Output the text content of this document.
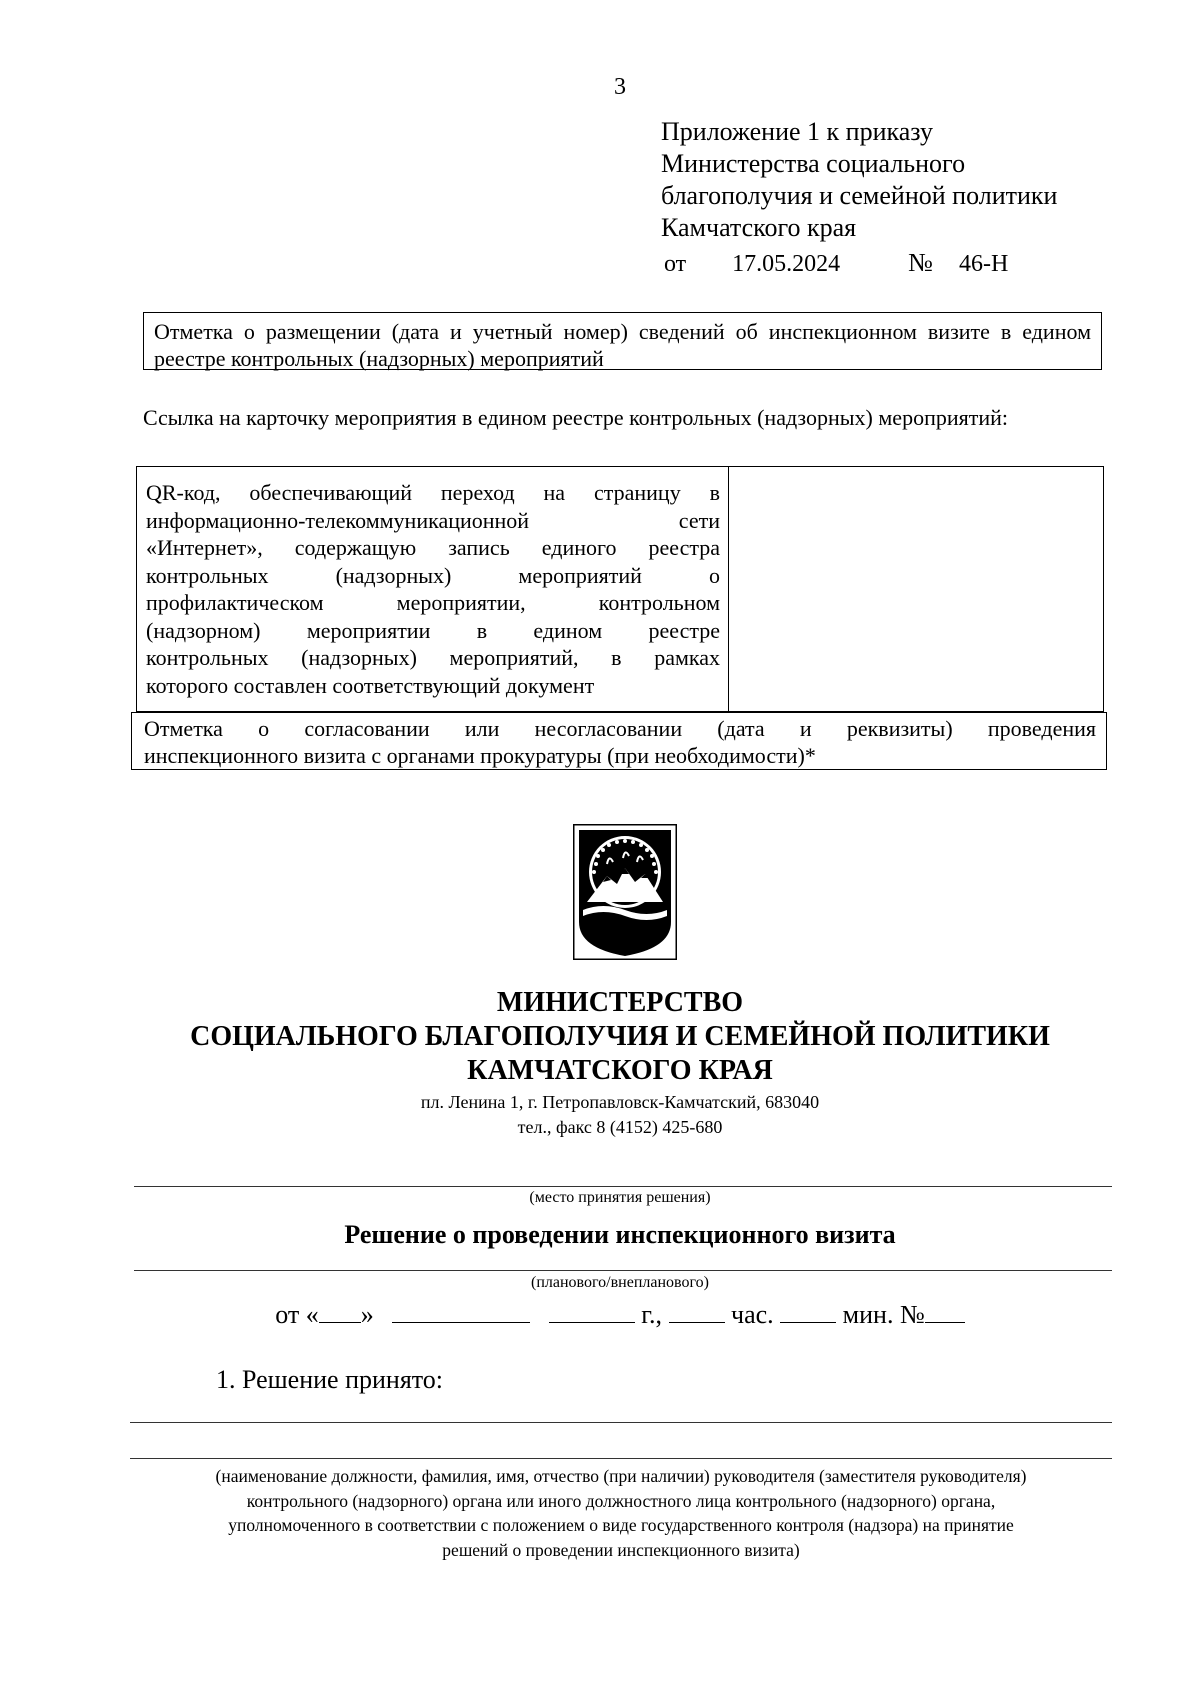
3
Приложение 1 к приказу
Министерства социального
благополучия и семейной политики
Камчатского края
от 17.05.2024	№ 46-Н
Отметка о размещении (дата и учетный номер) сведений об инспекционном визите в едином реестре контрольных (надзорных) мероприятий
Ссылка на карточку мероприятия в едином реестре контрольных (надзорных) мероприятий:
QR-код, обеспечивающий переход на страницу в
информационно-телекоммуникационной сети
«Интернет», содержащую запись единого реестра
контрольных (надзорных) мероприятий о
профилактическом мероприятии, контрольном
(надзорном) мероприятии в едином реестре
контрольных (надзорных) мероприятий, в рамках
которого составлен соответствующий документ
Отметка о согласовании или несогласовании (дата и реквизиты) проведения
инспекционного визита с органами прокуратуры (при необходимости)*
МИНИСТЕРСТВО
СОЦИАЛЬНОГО БЛАГОПОЛУЧИЯ И СЕМЕЙНОЙ ПОЛИТИКИ
КАМЧАТСКОГО КРАЯ
пл. Ленина 1, г. Петропавловск-Камчатский, 683040
тел., факс 8 (4152) 425-680
(место принятия решения)
Решение о проведении инспекционного визита
(планового/внепланового)
от « »	г.,	час.	мин. №
1. Решение принято:
(наименование должности, фамилия, имя, отчество (при наличии) руководителя (заместителя руководителя)
контрольного (надзорного) органа или иного должностного лица контрольного (надзорного) органа,
уполномоченного в соответствии с положением о виде государственного контроля (надзора) на принятие
решений о проведении инспекционного визита)
